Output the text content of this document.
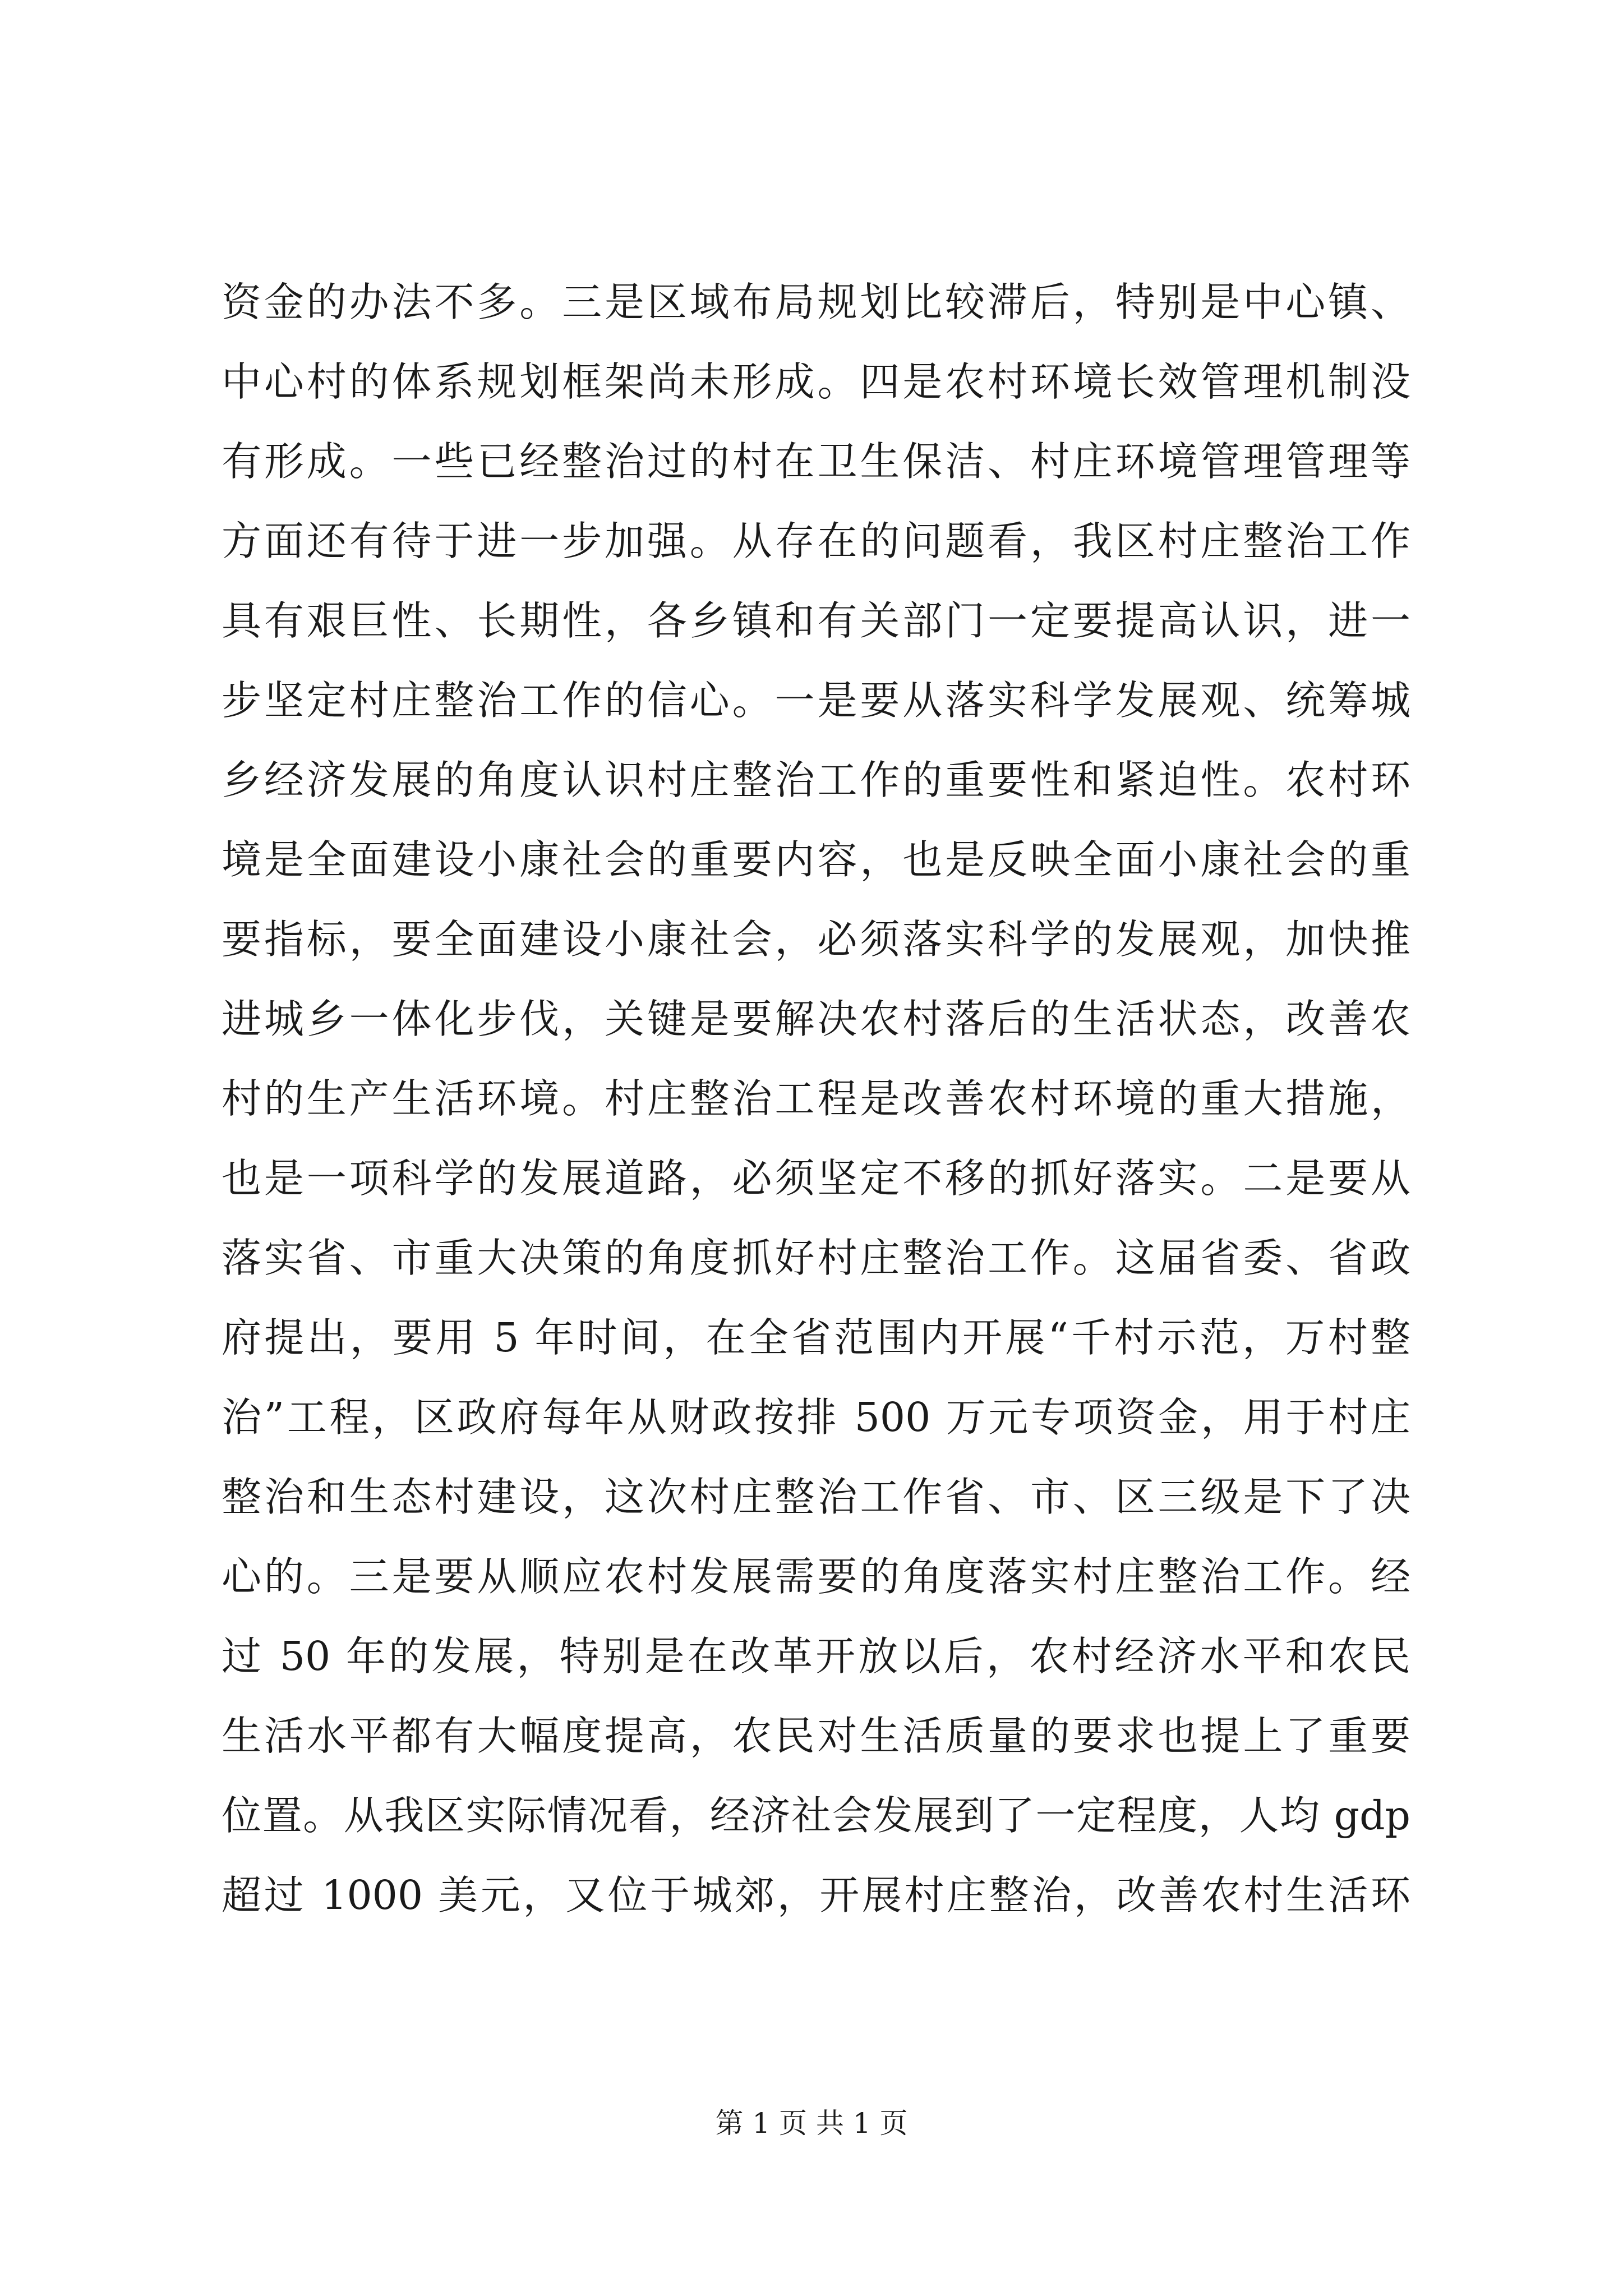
资金的办法不多。三是区域布局规划比较滞后，特别是中心镇、
中心村的体系规划框架尚未形成。四是农村环境长效管理机制没
有形成。一些已经整治过的村在卫生保洁、村庄环境管理管理等
方面还有待于进一步加强。从存在的问题看，我区村庄整治工作
具有艰巨性、长期性，各乡镇和有关部门一定要提高认识，进一
步坚定村庄整治工作的信心。一是要从落实科学发展观、统筹城
乡经济发展的角度认识村庄整治工作的重要性和紧迫性。农村环
境是全面建设小康社会的重要内容，也是反映全面小康社会的重
要指标，要全面建设小康社会，必须落实科学的发展观，加快推
进城乡一体化步伐，关键是要解决农村落后的生活状态，改善农
村的生产生活环境。村庄整治工程是改善农村环境的重大措施，
也是一项科学的发展道路，必须坚定不移的抓好落实。二是要从
落实省、市重大决策的角度抓好村庄整治工作。这届省委、省政
府提出，要用 5 年时间，在全省范围内开展“千村示范，万村整
治”工程，区政府每年从财政按排 500 万元专项资金，用于村庄
整治和生态村建设，这次村庄整治工作省、市、区三级是下了决
心的。三是要从顺应农村发展需要的角度落实村庄整治工作。经
过 50 年的发展，特别是在改革开放以后，农村经济水平和农民
生活水平都有大幅度提高，农民对生活质量的要求也提上了重要
位置。从我区实际情况看，经济社会发展到了一定程度，人均 gdp
超过 1000 美元，又位于城郊，开展村庄整治，改善农村生活环
第 1 页 共 1 页
